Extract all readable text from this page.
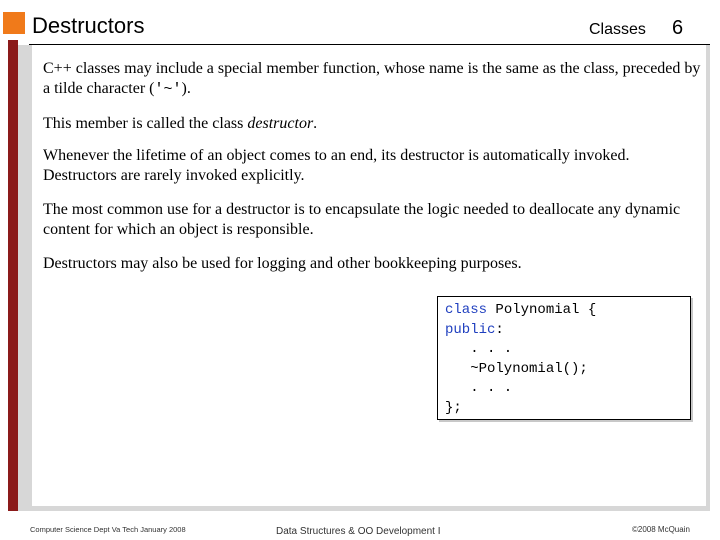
Destructors	Classes 6

C++ classes may include a special member function, whose name is the same as the class, preceded by a tilde character ('~').

This member is called the class destructor.

Whenever the lifetime of an object comes to an end, its destructor is automatically invoked. Destructors are rarely invoked explicitly.

The most common use for a destructor is to encapsulate the logic needed to deallocate any dynamic content for which an object is responsible.

Destructors may also be used for logging and other bookkeeping purposes.

class Polynomial {
public:
. . .
~Polynomial();
. . .
};
Computer Science Dept Va Tech January 2008	Data Structures & OO Development I	©2008 McQuain
